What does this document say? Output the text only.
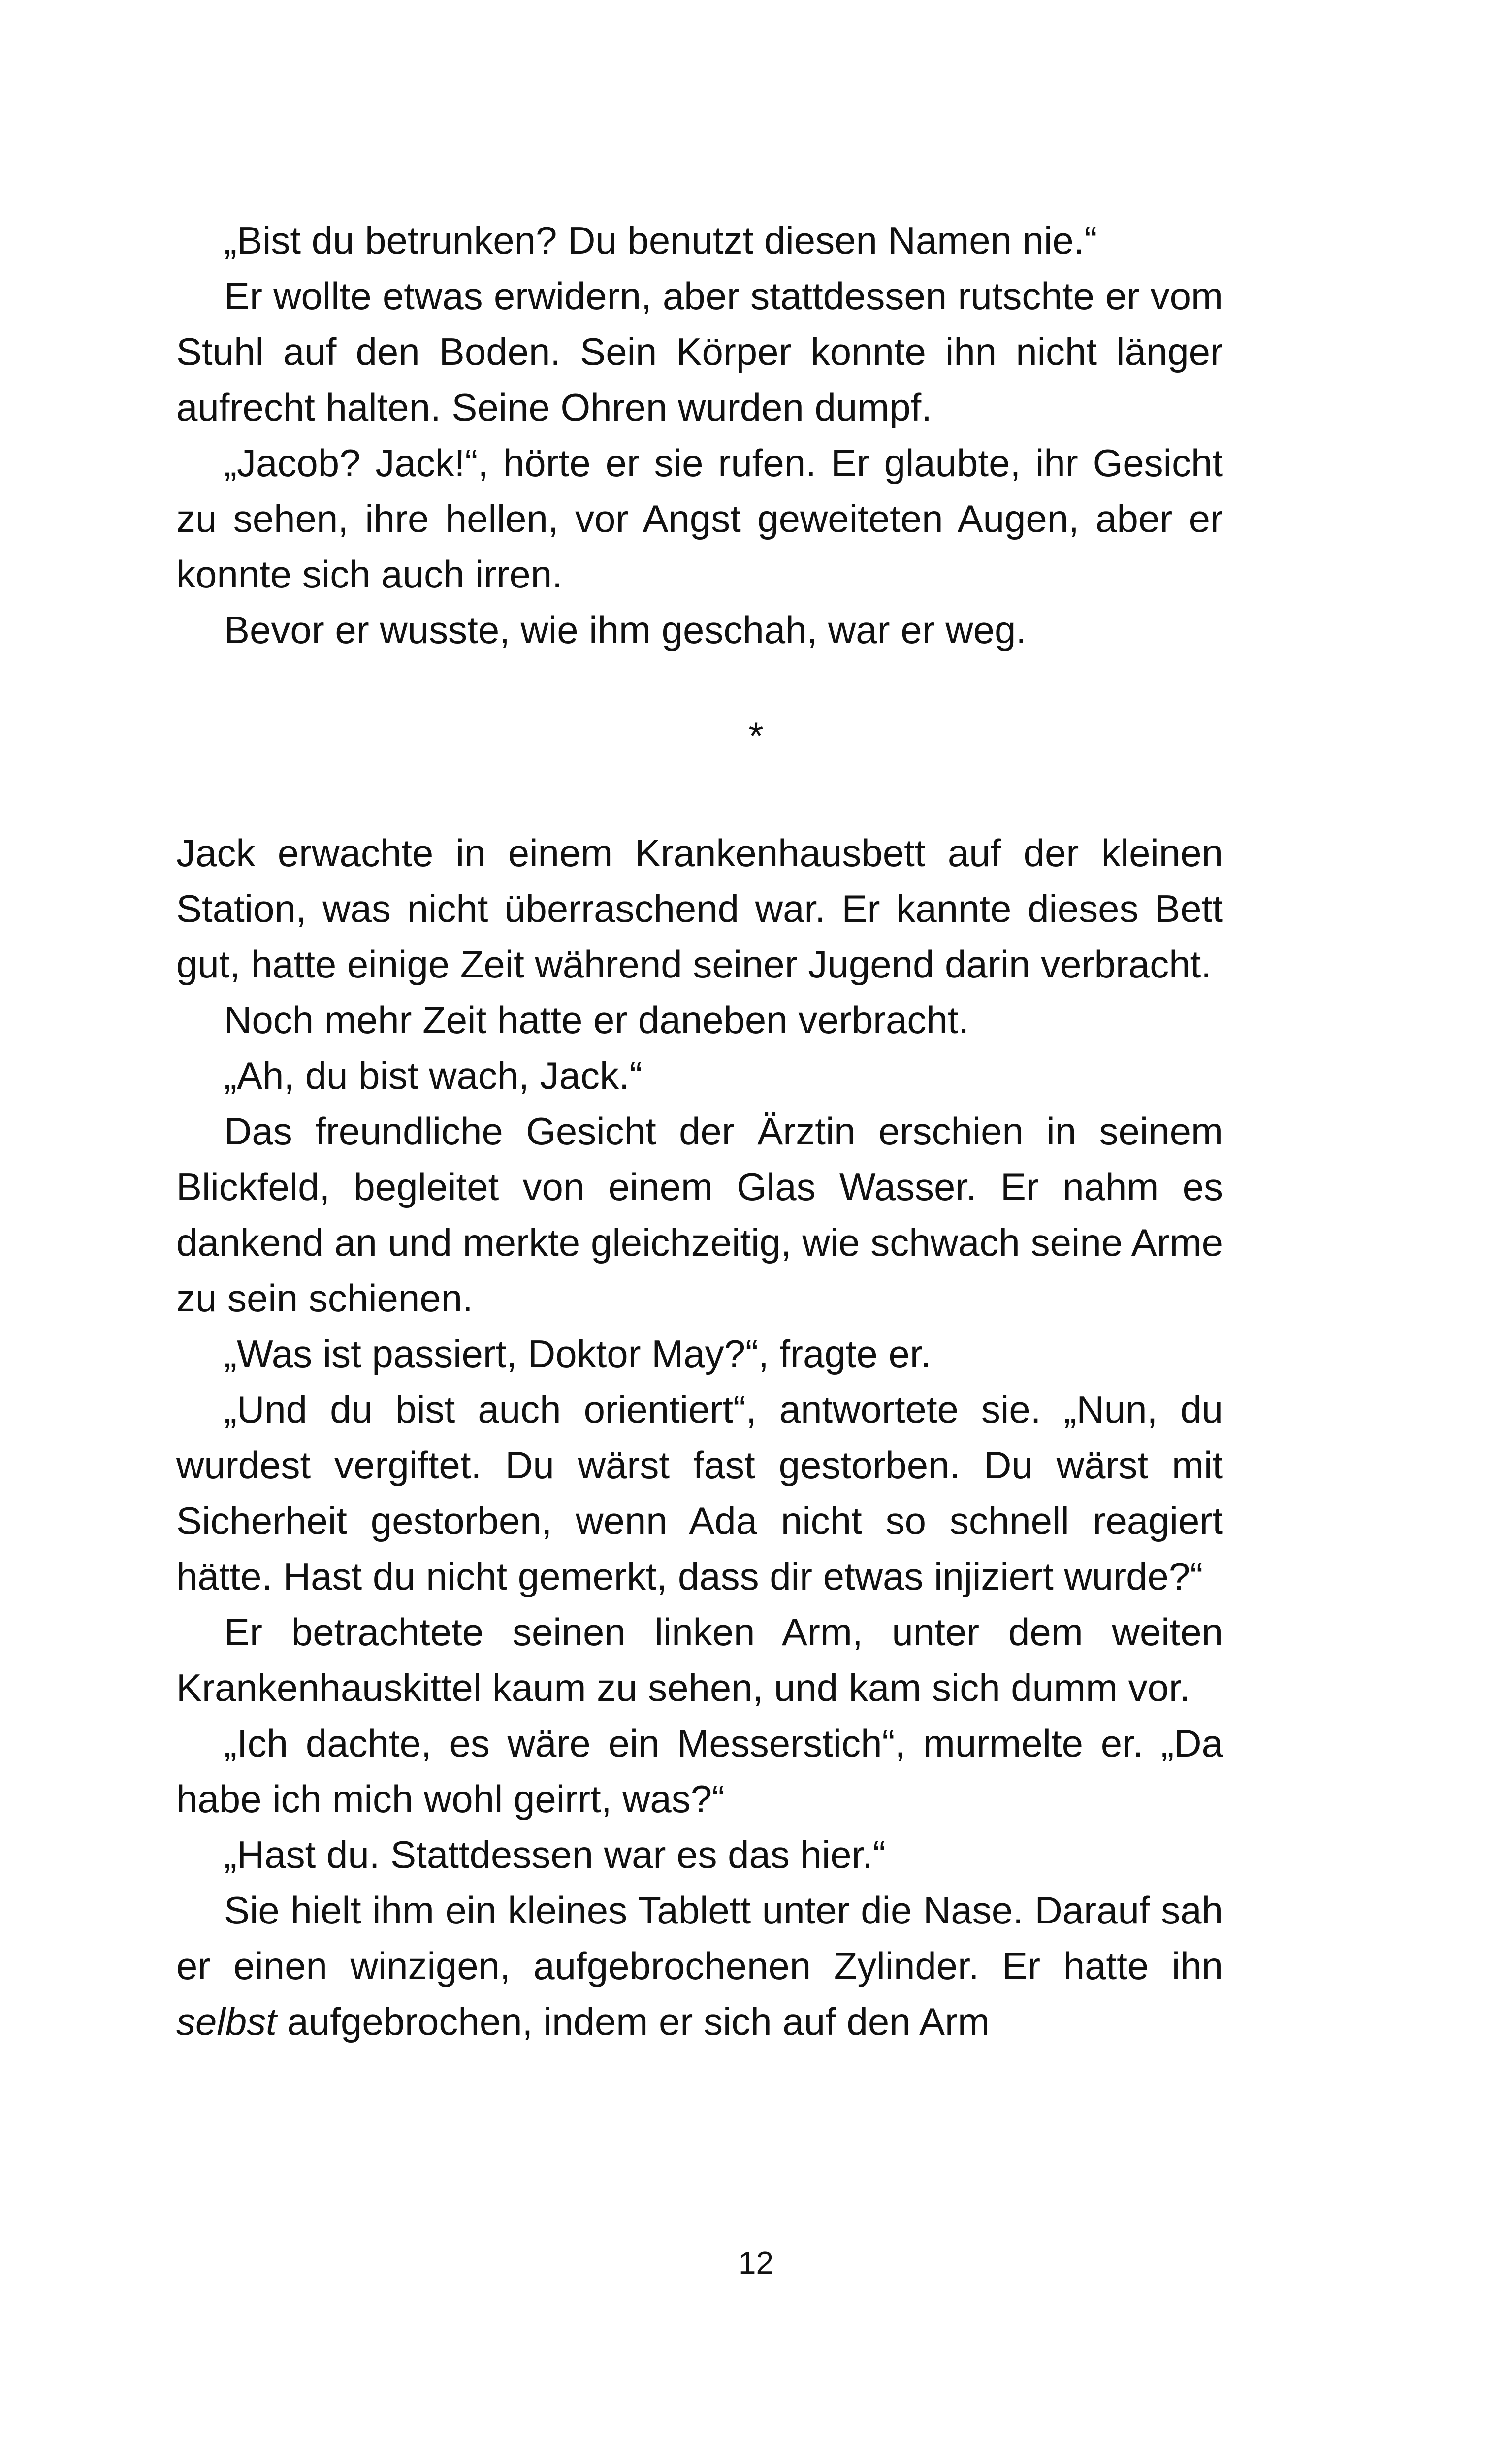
„Bist du betrunken? Du benutzt diesen Namen nie.“

Er wollte etwas erwidern, aber stattdessen rutschte er vom Stuhl auf den Boden. Sein Körper konnte ihn nicht länger aufrecht halten. Seine Ohren wurden dumpf.

„Jacob? Jack!“, hörte er sie rufen. Er glaubte, ihr Gesicht zu sehen, ihre hellen, vor Angst geweiteten Augen, aber er konnte sich auch irren.

Bevor er wusste, wie ihm geschah, war er weg.

*

Jack erwachte in einem Krankenhausbett auf der kleinen Station, was nicht überraschend war. Er kannte dieses Bett gut, hatte einige Zeit während seiner Jugend darin verbracht.

Noch mehr Zeit hatte er daneben verbracht.

„Ah, du bist wach, Jack.“

Das freundliche Gesicht der Ärztin erschien in seinem Blickfeld, begleitet von einem Glas Wasser. Er nahm es dankend an und merkte gleichzeitig, wie schwach seine Arme zu sein schienen.

„Was ist passiert, Doktor May?“, fragte er.

„Und du bist auch orientiert“, antwortete sie. „Nun, du wurdest vergiftet. Du wärst fast gestorben. Du wärst mit Sicherheit gestorben, wenn Ada nicht so schnell reagiert hätte. Hast du nicht gemerkt, dass dir etwas injiziert wurde?“

Er betrachtete seinen linken Arm, unter dem weiten Krankenhauskittel kaum zu sehen, und kam sich dumm vor.

„Ich dachte, es wäre ein Messerstich“, murmelte er. „Da habe ich mich wohl geirrt, was?“

„Hast du. Stattdessen war es das hier.“

Sie hielt ihm ein kleines Tablett unter die Nase. Darauf sah er einen winzigen, aufgebrochenen Zylinder. Er hatte ihn selbst aufgebrochen, indem er sich auf den Arm

12
